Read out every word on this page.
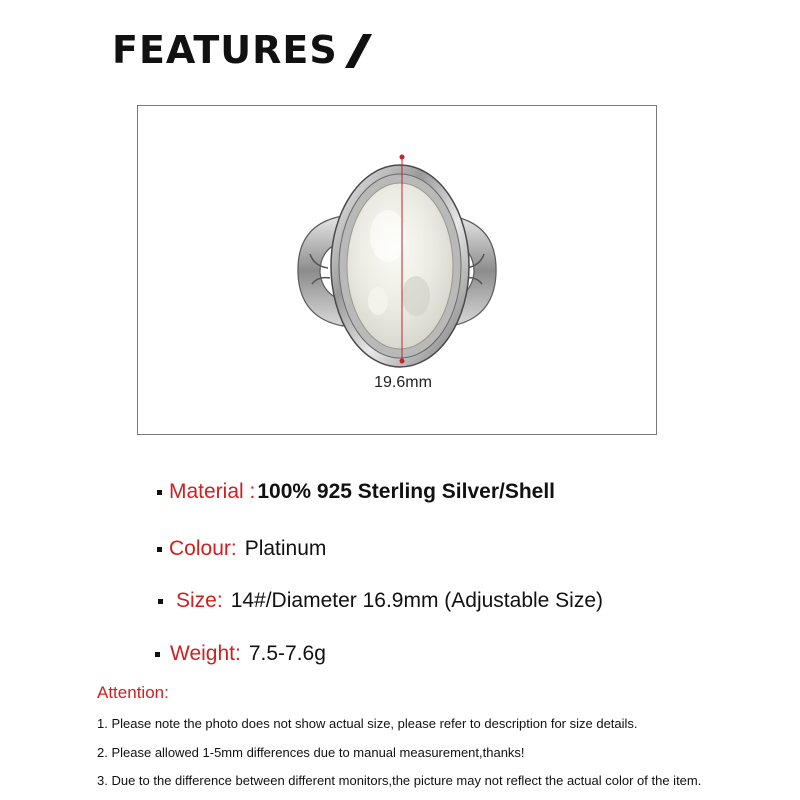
FEATURES
19.6mm
Material : 100% 925 Sterling Silver/Shell
Colour: Platinum
Size: 14#/Diameter 16.9mm (Adjustable Size)
Weight: 7.5-7.6g
Attention:
1. Please note the photo does not show actual size, please refer to description for size details.
2. Please allowed 1-5mm differences due to manual measurement,thanks!
3. Due to the difference between different monitors,the picture may not reflect the actual color of the item.
